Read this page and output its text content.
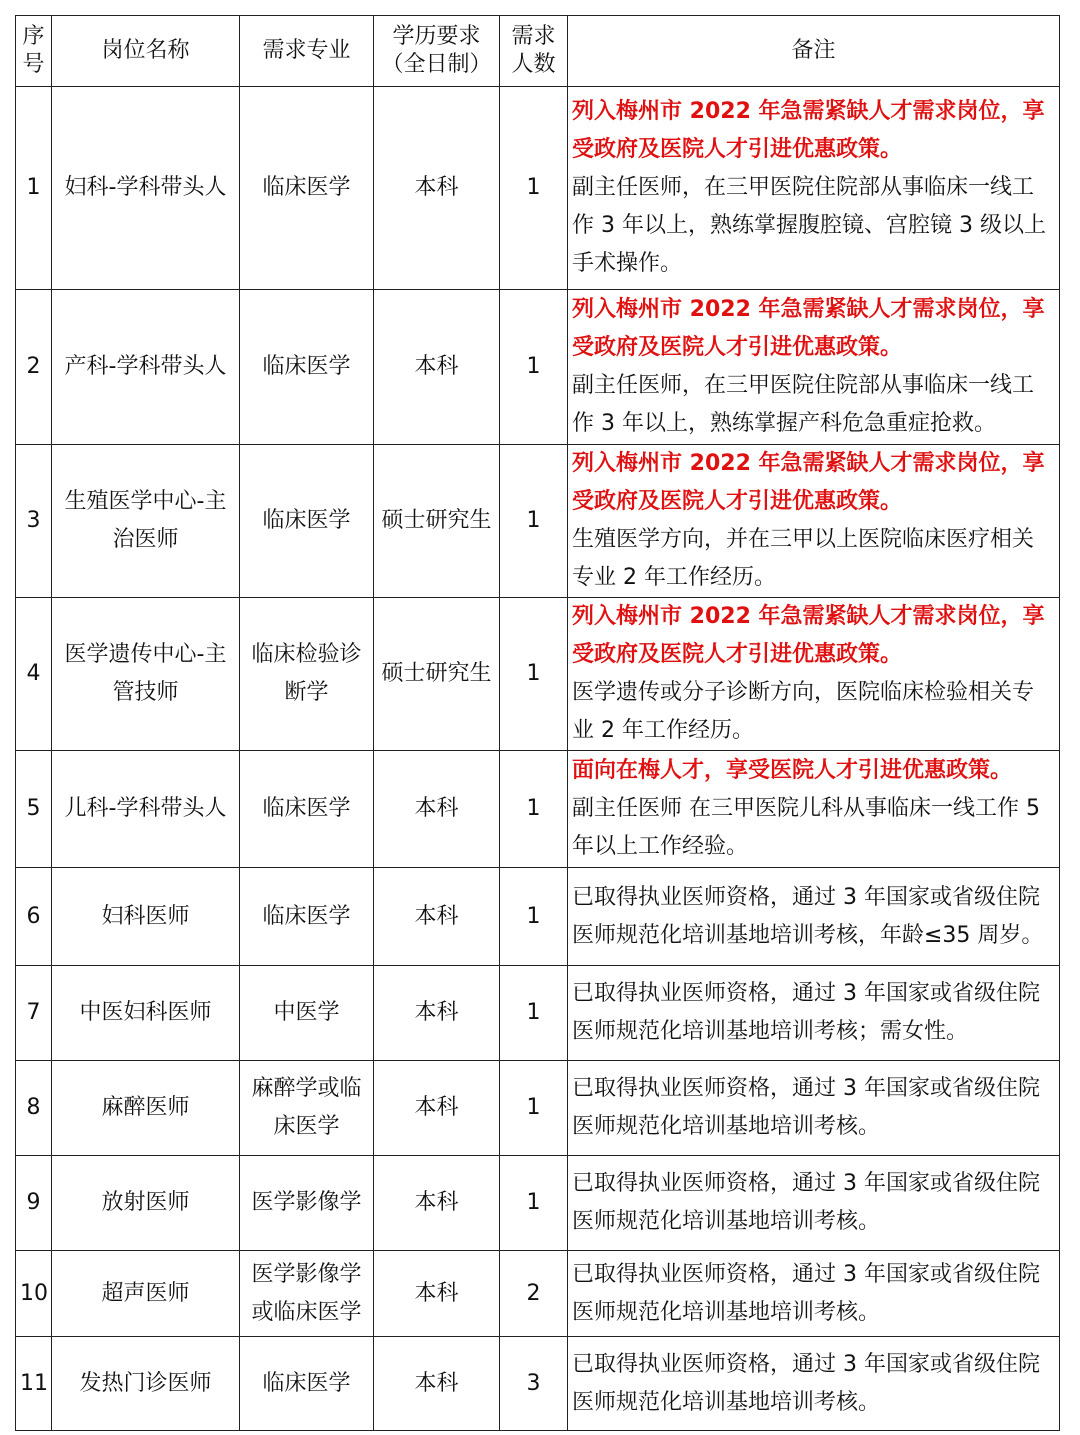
序号	岗位名称	需求专业	学历要求（全日制）	需求人数	备注
1	妇科-学科带头人	临床医学	本科	1	列入梅州市 2022 年急需紧缺人才需求岗位，享受政府及医院人才引进优惠政策。
副主任医师，在三甲医院住院部从事临床一线工作 3 年以上，熟练掌握腹腔镜、宫腔镜 3 级以上手术操作。

2	产科-学科带头人	临床医学	本科	1	列入梅州市 2022 年急需紧缺人才需求岗位，享受政府及医院人才引进优惠政策。
副主任医师，在三甲医院住院部从事临床一线工作 3 年以上，熟练掌握产科危急重症抢救。

3	生殖医学中心-主治医师	临床医学	硕士研究生	1	列入梅州市 2022 年急需紧缺人才需求岗位，享受政府及医院人才引进优惠政策。
生殖医学方向，并在三甲以上医院临床医疗相关专业 2 年工作经历。

4	医学遗传中心-主管技师	临床检验诊断学	硕士研究生	1	列入梅州市 2022 年急需紧缺人才需求岗位，享受政府及医院人才引进优惠政策。
医学遗传或分子诊断方向，医院临床检验相关专业 2 年工作经历。

5	儿科-学科带头人	临床医学	本科	1	面向在梅人才，享受医院人才引进优惠政策。
副主任医师 在三甲医院儿科从事临床一线工作 5 年以上工作经验。

6	妇科医师	临床医学	本科	1	已取得执业医师资格，通过 3 年国家或省级住院医师规范化培训基地培训考核，年龄≤35 周岁。

7	中医妇科医师	中医学	本科	1	已取得执业医师资格，通过 3 年国家或省级住院医师规范化培训基地培训考核；需女性。

8	麻醉医师	麻醉学或临床医学	本科	1	已取得执业医师资格，通过 3 年国家或省级住院医师规范化培训基地培训考核。

9	放射医师	医学影像学	本科	1	已取得执业医师资格，通过 3 年国家或省级住院医师规范化培训基地培训考核。

10	超声医师	医学影像学或临床医学	本科	2	已取得执业医师资格，通过 3 年国家或省级住院医师规范化培训基地培训考核。

11	发热门诊医师	临床医学	本科	3	已取得执业医师资格，通过 3 年国家或省级住院医师规范化培训基地培训考核。
